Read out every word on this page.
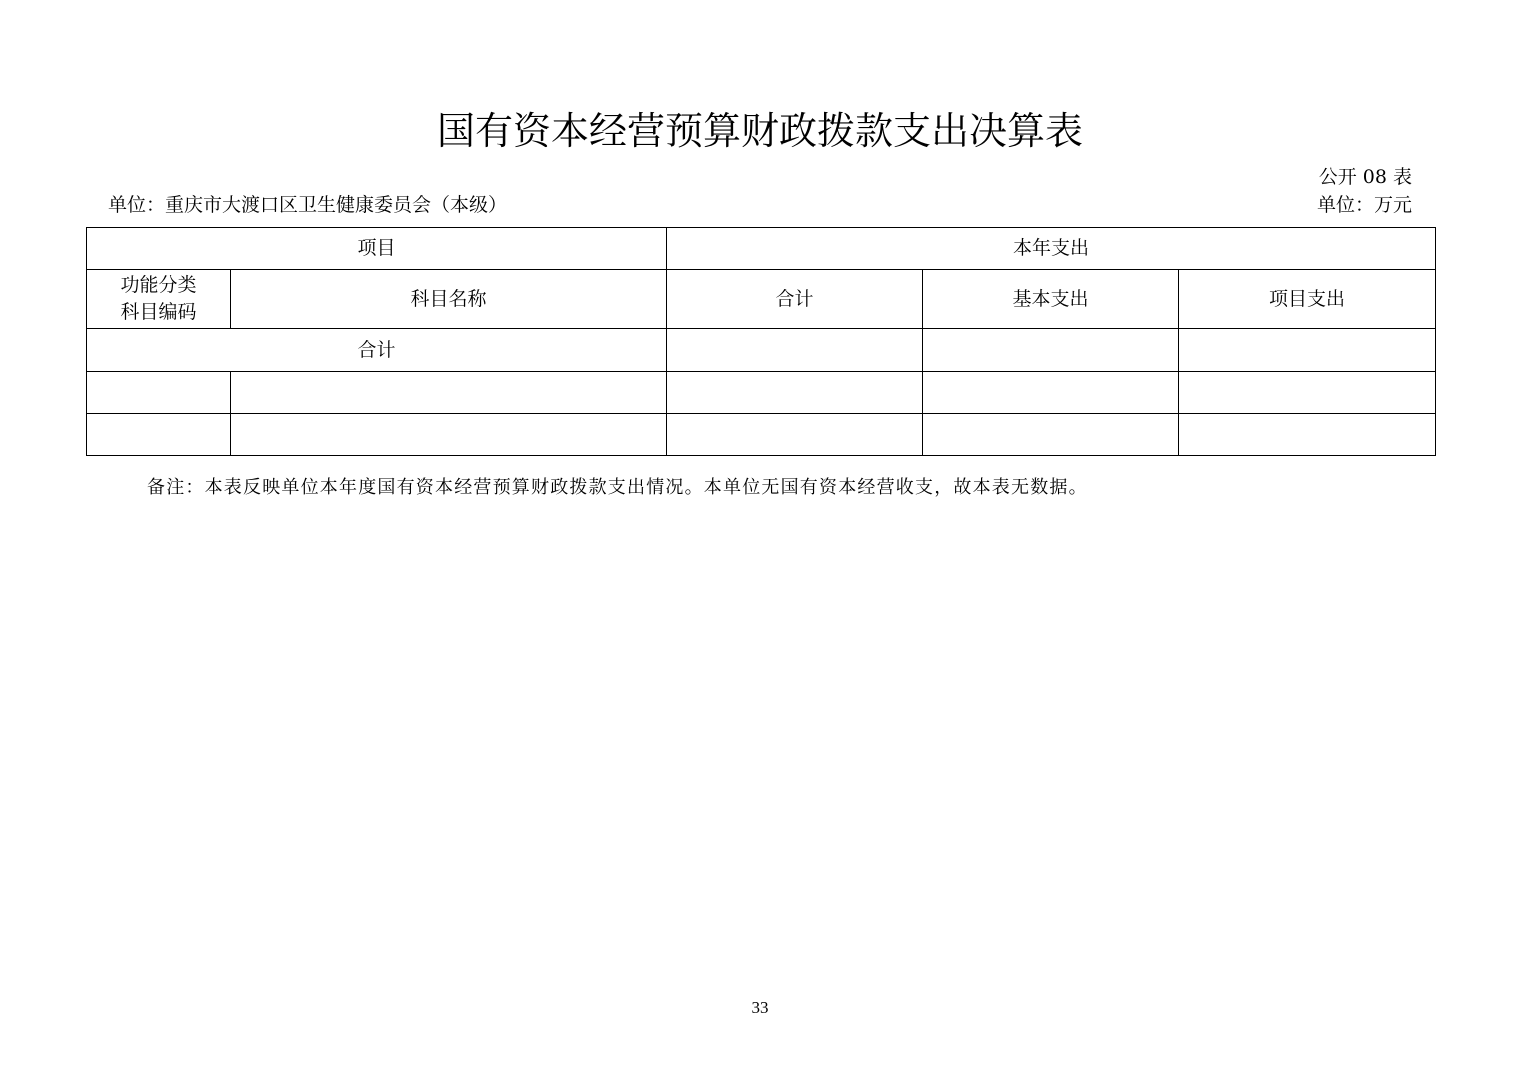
国有资本经营预算财政拨款支出决算表
公开 08 表
单位：重庆市大渡口区卫生健康委员会（本级）	单位：万元
项目		本年支出		

功能分类
科目编码	科目名称	合计	基本支出	项目支出
合计				

备注：本表反映单位本年度国有资本经营预算财政拨款支出情况。本单位无国有资本经营收支，故本表无数据。
33
